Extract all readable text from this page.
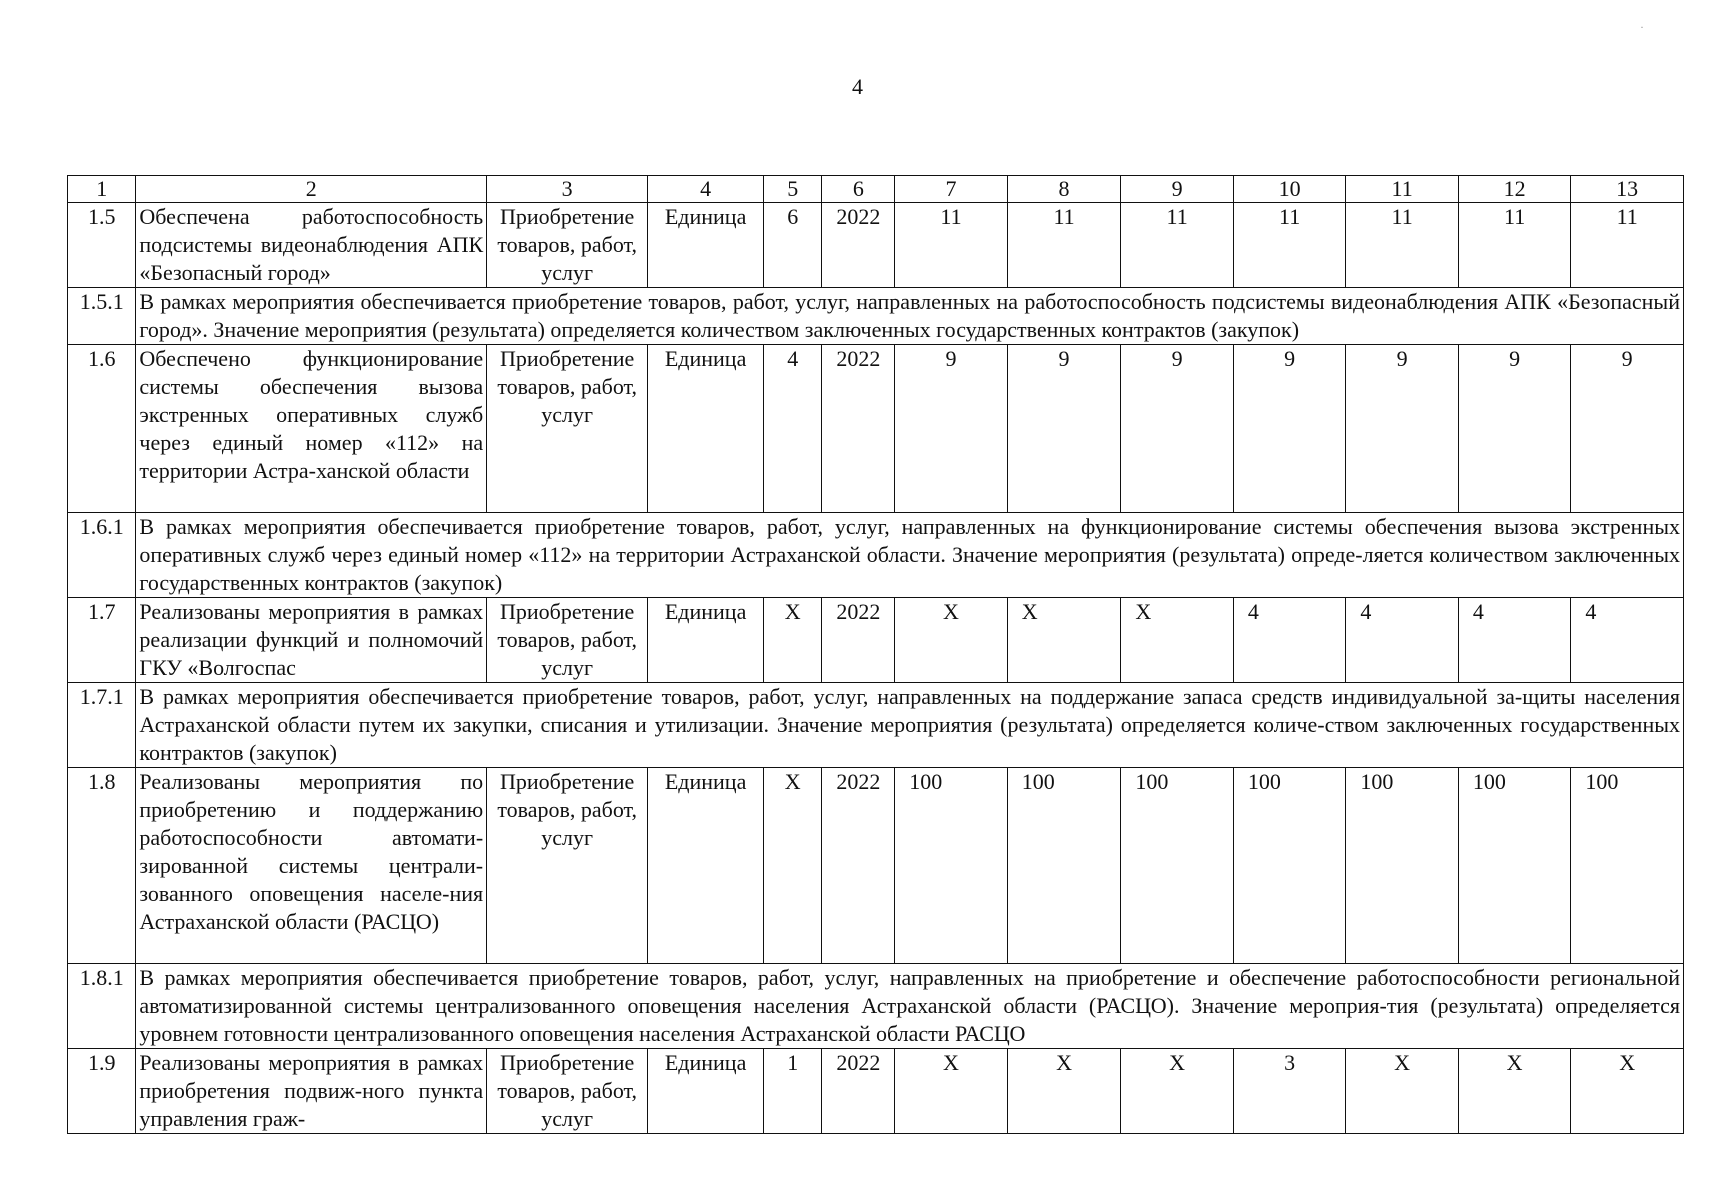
4
1	2	3	4	5	6	7	8	9	10	11	12	13
1.5	Обеспечена работоспособность подсистемы видеонаблюдения АПК «Безопасный город»	Приобретение
товаров, работ,
услуг	Единица	6	2022	11	11	11	11	11	11	11
1.5.1	В рамках мероприятия обеспечивается приобретение товаров, работ, услуг, направленных на работоспособность подсистемы видеонаблюдения АПК «Безопасный город». Значение мероприятия (результата) определяется количеством заключенных государственных контрактов (закупок)											
1.6	Обеспечено функционирование системы обеспечения вызова экстренных оперативных служб через единый номер «112» на территории Астра-ханской области	Приобретение
товаров, работ,
услуг	Единица	4	2022	9	9	9	9	9	9	9
1.6.1	В рамках мероприятия обеспечивается приобретение товаров, работ, услуг, направленных на функционирование системы обеспечения вызова экстренных оперативных служб через единый номер «112» на территории Астраханской области. Значение мероприятия (результата) опреде-ляется количеством заключенных государственных контрактов (закупок)											
1.7	Реализованы мероприятия в рамках реализации функций и полномочий ГКУ «Волгоспас	Приобретение
товаров, работ,
услуг	Единица	Х	2022	Х	Х	Х	4	4	4	4
1.7.1	В рамках мероприятия обеспечивается приобретение товаров, работ, услуг, направленных на поддержание запаса средств индивидуальной за-щиты населения Астраханской области путем их закупки, списания и утилизации. Значение мероприятия (результата) определяется количе-ством заключенных государственных контрактов (закупок)											
1.8	Реализованы мероприятия по приобретению и поддержанию работоспособности автомати-зированной системы централи-зованного оповещения населе-ния Астраханской области (РАСЦО)	Приобретение
товаров, работ,
услуг	Единица	Х	2022	100	100	100	100	100	100	100
1.8.1	В рамках мероприятия обеспечивается приобретение товаров, работ, услуг, направленных на приобретение и обеспечение работоспособности региональной автоматизированной системы централизованного оповещения населения Астраханской области (РАСЦО). Значение мероприя-тия (результата) определяется уровнем готовности централизованного оповещения населения Астраханской области РАСЦО											
1.9	Реализованы мероприятия в рамках приобретения подвиж-ного пункта управления граж-	Приобретение
товаров, работ,
услуг	Единица	1	2022	Х	Х	Х	3	Х	Х	Х
·
